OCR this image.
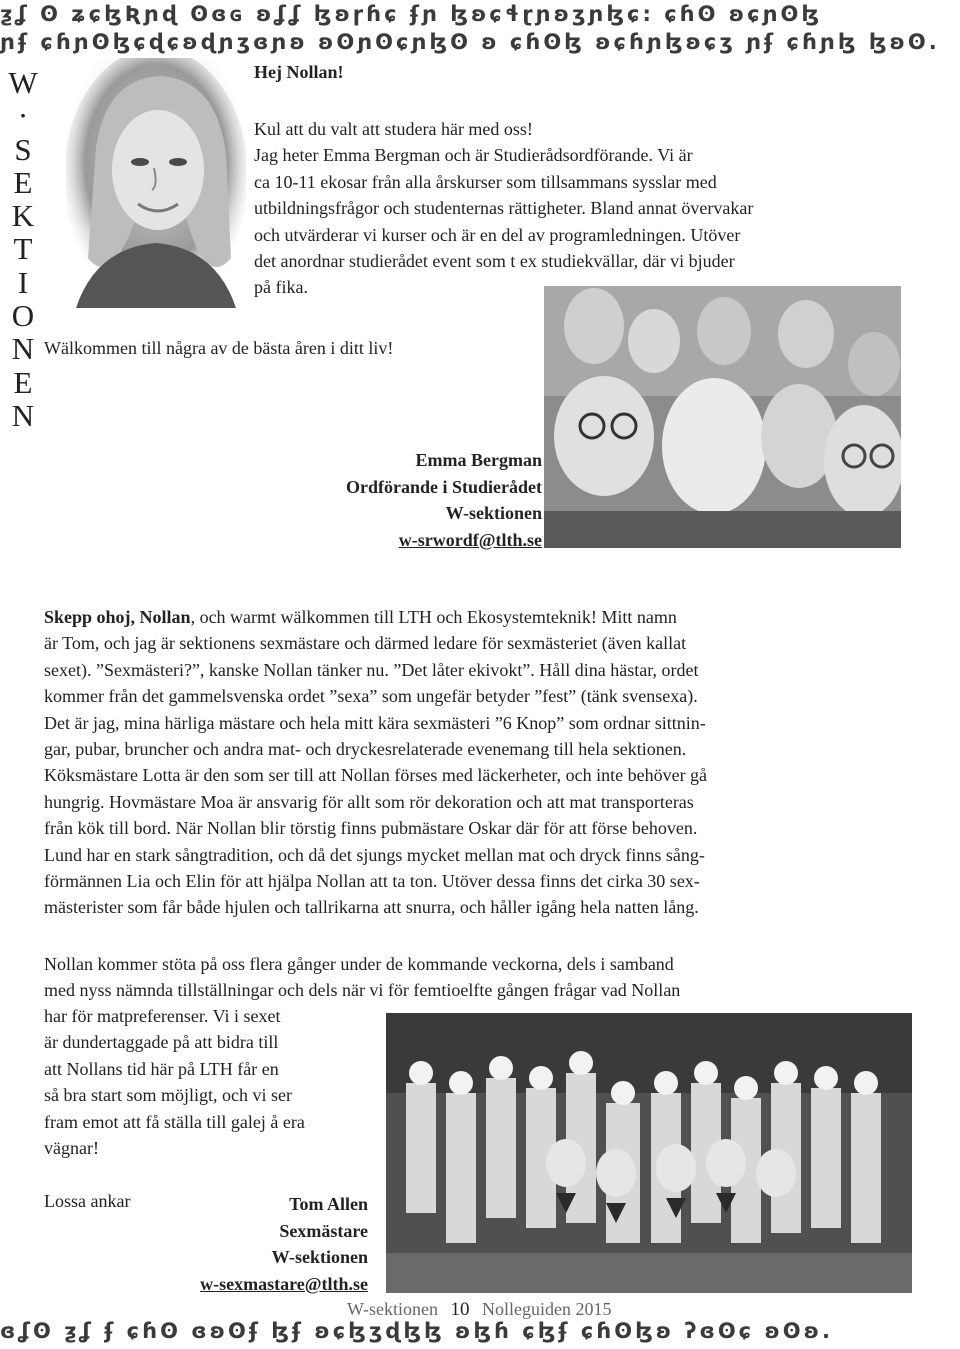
ƺʆ ʘ ʑɕɮƦɲɖ ʘɞɢ ʚʆʆ ɮʚɼɦɕ ʄɲ ɮʚɕɬɽɲʚʒɲɮɕ: ɕɦʘ ʚɕɲʘɮ
ɲʄ ɕɦɲʘɮɕɖɕʚɖɲʒɞɲʚ ʚʘɲʘɕɲɮʘ ʚ ɕɦʘɮ ʚɕɦɲɮʚɕʒ ɲʄ ɕɦɲɮ ɮʚʘ.
W
·
S
E
K
T
I
O
N
E
N
Hej Nollan!

Kul att du valt att studera här med oss!

Jag heter Emma Bergman och är Studierådsordförande. Vi är

ca 10-11 ekosar från alla årskurser som tillsammans sysslar med

utbildningsfrågor och studenternas rättigheter. Bland annat övervakar

och utvärderar vi kurser och är en del av programledningen. Utöver

det anordnar studierådet event som t ex studiekvällar, där vi bjuder

på fika.

Wälkommen till några av de bästa åren i ditt liv!
Emma Bergman
Ordförande i Studierådet
W-sektionen
w-srwordf@tlth.se

Skepp ohoj, Nollan, och warmt wälkommen till LTH och Ekosystemteknik! Mitt namn

är Tom, och jag är sektionens sexmästare och därmed ledare för sexmästeriet (även kallat

sexet). ”Sexmästeri?”, kanske Nollan tänker nu. ”Det låter ekivokt”. Håll dina hästar, ordet

kommer från det gammelsvenska ordet ”sexa” som ungefär betyder ”fest” (tänk svensexa).

Det är jag, mina härliga mästare och hela mitt kära sexmästeri ”6 Knop” som ordnar sittnin-

gar, pubar, bruncher och andra mat- och dryckesrelaterade evenemang till hela sektionen.

Köksmästare Lotta är den som ser till att Nollan förses med läckerheter, och inte behöver gå

hungrig. Hovmästare Moa är ansvarig för allt som rör dekoration och att mat transporteras

från kök till bord. När Nollan blir törstig finns pubmästare Oskar där för att förse behoven.

Lund har en stark sångtradition, och då det sjungs mycket mellan mat och dryck finns sång-

förmännen Lia och Elin för att hjälpa Nollan att ta ton. Utöver dessa finns det cirka 30 sex-

mästerister som får både hjulen och tallrikarna att snurra, och håller igång hela natten lång.

Nollan kommer stöta på oss flera gånger under de kommande veckorna, dels i samband

med nyss nämnda tillställningar och dels när vi för femtioelfte gången frågar vad Nollan

har för matpreferenser. Vi i sexet

är dundertaggade på att bidra till

att Nollans tid här på LTH får en

så bra start som möjligt, och vi ser

fram emot att få ställa till galej å era

vägnar!

Lossa ankar	Tom Allen
Sexmästare
W-sektionen
w-sexmastare@tlth.se
W-sektionen 10 Nolleguiden 2015
ɞʆʘ ƺʆ ʄ ɕɦʘ ɞʚʘʄ ɮʄ ʚɕɮʒɖɮɮ ʚɮɦ ɕɮʄ ɕɦʘɮʚ ʔɞʘɕ ʚʘʚ.
